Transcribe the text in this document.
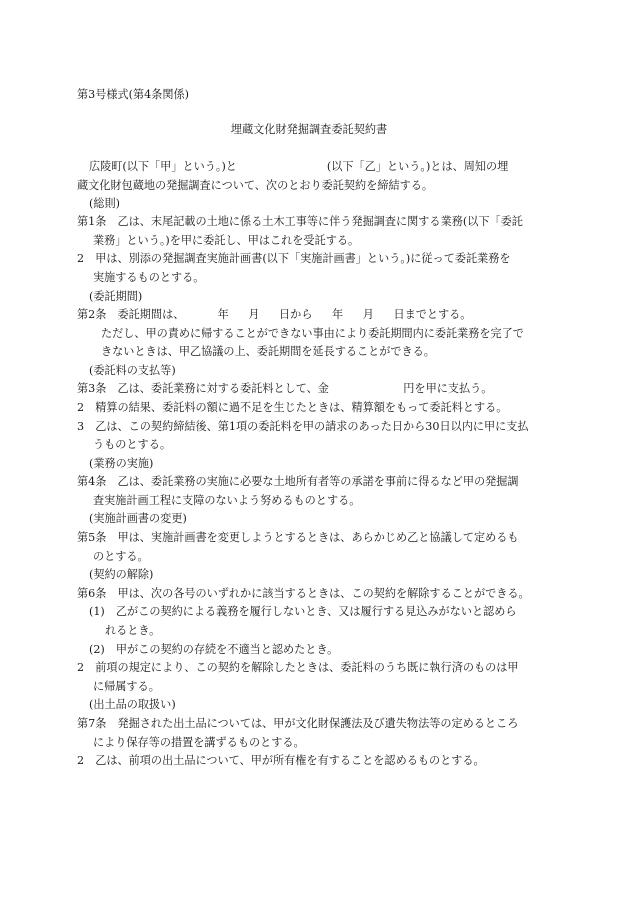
第3号様式(第4条関係)
埋蔵文化財発掘調査委託契約書
広陵町(以下「甲」という。)と	(以下「乙」という。)とは、周知の埋
蔵文化財包蔵地の発掘調査について、次のとおり委託契約を締結する。
(総則)
第1条　乙は、末尾記載の土地に係る土木工事等に伴う発掘調査に関する業務(以下「委託
業務」という。)を甲に委託し、甲はこれを受託する。
2　甲は、別添の発掘調査実施計画書(以下「実施計画書」という。)に従って委託業務を
実施するものとする。
(委託期間)
第2条　委託期間は、	年 月 日から 年 月 日までとする。
ただし、甲の責めに帰することができない事由により委託期間内に委託業務を完了で
きないときは、甲乙協議の上、委託期間を延長することができる。
(委託料の支払等)
第3条　乙は、委託業務に対する委託料として、金	円を甲に支払う。
2　精算の結果、委託料の額に過不足を生じたときは、精算額をもって委託料とする。
3　乙は、この契約締結後、第1項の委託料を甲の請求のあった日から30日以内に甲に支払
うものとする。
(業務の実施)
第4条　乙は、委託業務の実施に必要な土地所有者等の承諾を事前に得るなど甲の発掘調
査実施計画工程に支障のないよう努めるものとする。
(実施計画書の変更)
第5条　甲は、実施計画書を変更しようとするときは、あらかじめ乙と協議して定めるも
のとする。
(契約の解除)
第6条　甲は、次の各号のいずれかに該当するときは、この契約を解除することができる。
(1)　乙がこの契約による義務を履行しないとき、又は履行する見込みがないと認めら
れるとき。
(2)　甲がこの契約の存続を不適当と認めたとき。
2　前項の規定により、この契約を解除したときは、委託料のうち既に執行済のものは甲
に帰属する。
(出土品の取扱い)
第7条　発掘された出土品については、甲が文化財保護法及び遺失物法等の定めるところ
により保存等の措置を講ずるものとする。
2　乙は、前項の出土品について、甲が所有権を有することを認めるものとする。
